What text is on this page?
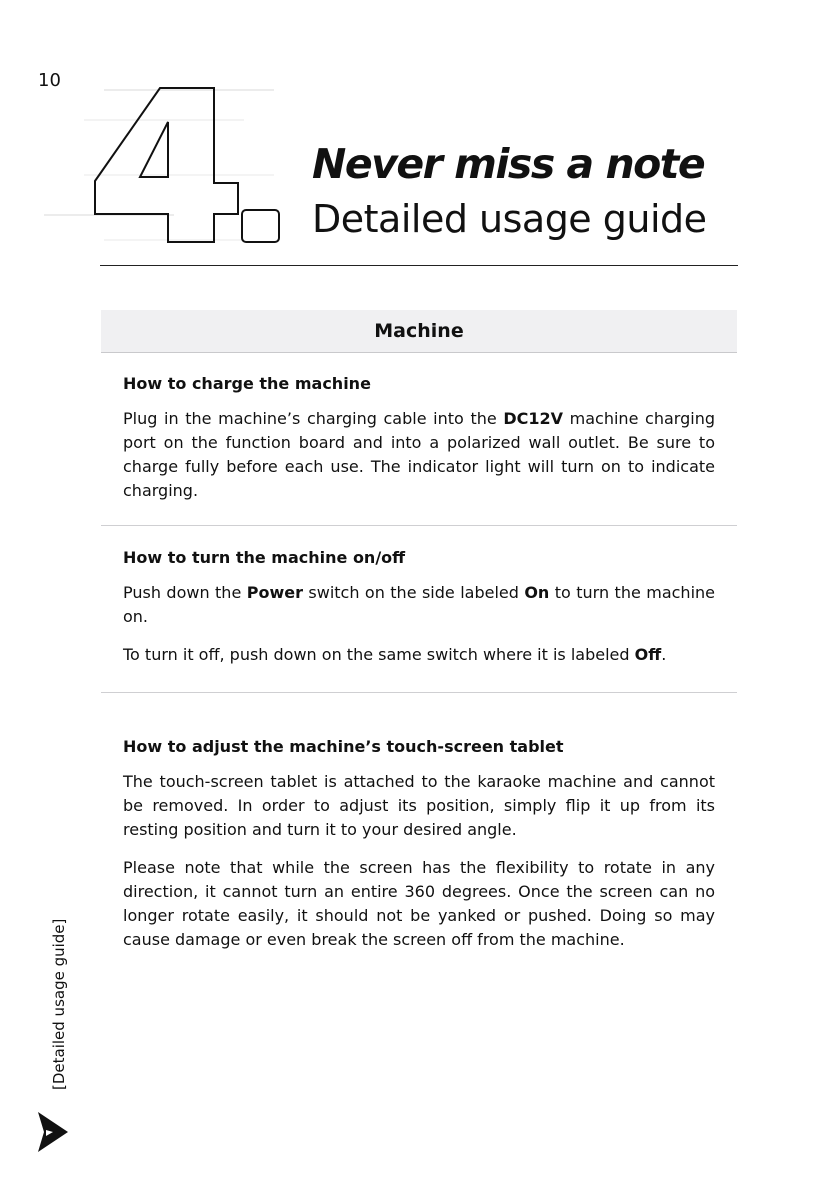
10
Never miss a note
Detailed usage guide
Machine
How to charge the machine

Plug in the machine’s charging cable into the DC12V machine charging port on the function board and into a polarized wall outlet. Be sure to charge fully before each use. The indicator light will turn on to indicate charging.

How to turn the machine on/off

Push down the Power switch on the side labeled On to turn the machine on.

To turn it off, push down on the same switch where it is labeled Off.

How to adjust the machine’s touch-screen tablet

The touch-screen tablet is attached to the karaoke machine and cannot be removed. In order to adjust its position, simply flip it up from its resting position and turn it to your desired angle.

Please note that while the screen has the flexibility to rotate in any direction, it cannot turn an entire 360 degrees. Once the screen can no longer rotate easily, it should not be yanked or pushed. Doing so may cause damage or even break the screen off from the machine.

[Detailed usage guide]
